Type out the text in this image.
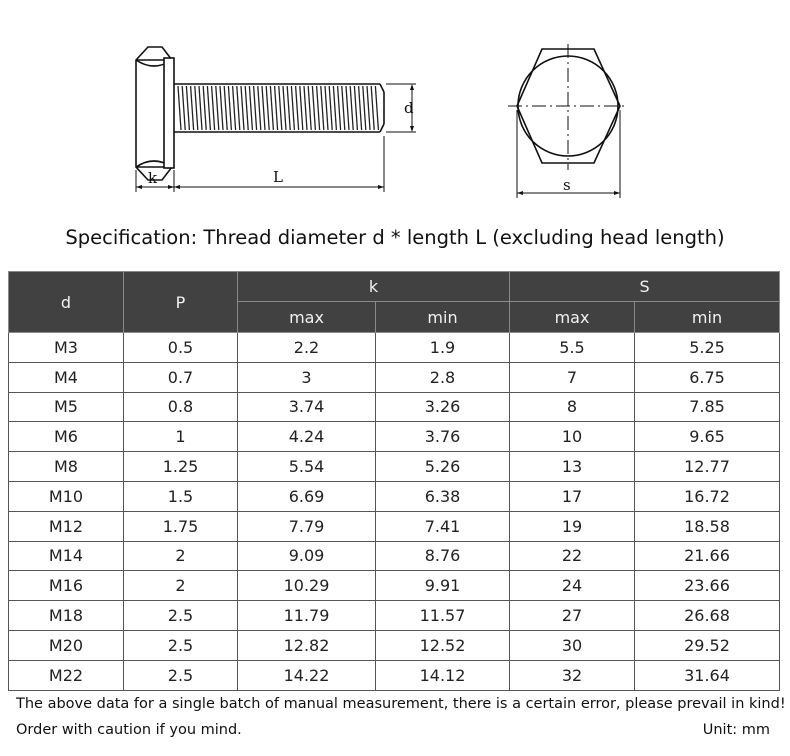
k	L
d
s
Specification: Thread diameter d * length L (excluding head length)
d	P	k		S	
		max	min	max	min
M3	0.5	2.2	1.9	5.5	5.25
M4	0.7	3	2.8	7	6.75
M5	0.8	3.74	3.26	8	7.85
M6	1	4.24	3.76	10	9.65
M8	1.25	5.54	5.26	13	12.77
M10	1.5	6.69	6.38	17	16.72
M12	1.75	7.79	7.41	19	18.58
M14	2	9.09	8.76	22	21.66
M16	2	10.29	9.91	24	23.66
M18	2.5	11.79	11.57	27	26.68
M20	2.5	12.82	12.52	30	29.52
M22	2.5	14.22	14.12	32	31.64
The above data for a single batch of manual measurement, there is a certain error, please prevail in kind!
Order with caution if you mind.	Unit: mm
